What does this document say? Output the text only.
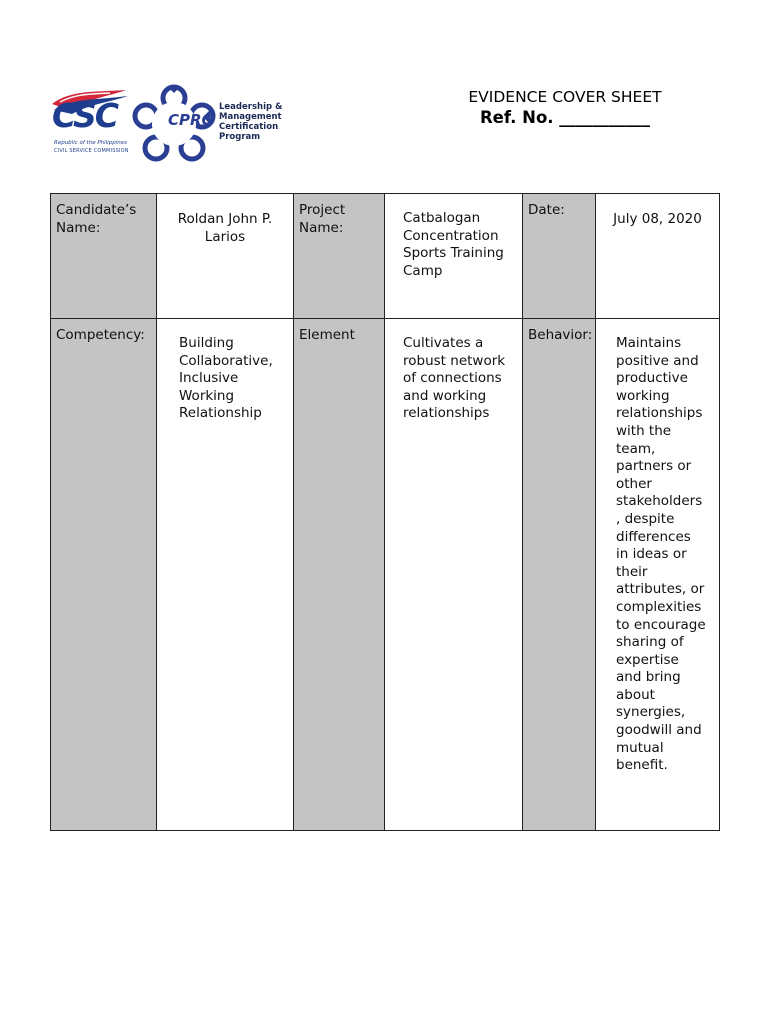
CSC
Republic of the Philippines
CIVIL SERVICE COMMISSION
CPRO
Leadership &
Management
Certification
Program
EVIDENCE COVER SHEET
Ref. No. ___________
Candidate’s Name:	Roldan John P. Larios	Project Name:	Catbalogan Concentration Sports Training Camp	Date:	July 08, 2020

Competency:	Building Collaborative, Inclusive Working Relationship	Element	Cultivates a robust network of connections and working relationships	Behavior:	Maintains positive and productive working relationships with the team, partners or other stakeholders , despite differences in ideas or their attributes, or complexities to encourage sharing of expertise and bring about synergies, goodwill and mutual benefit.
